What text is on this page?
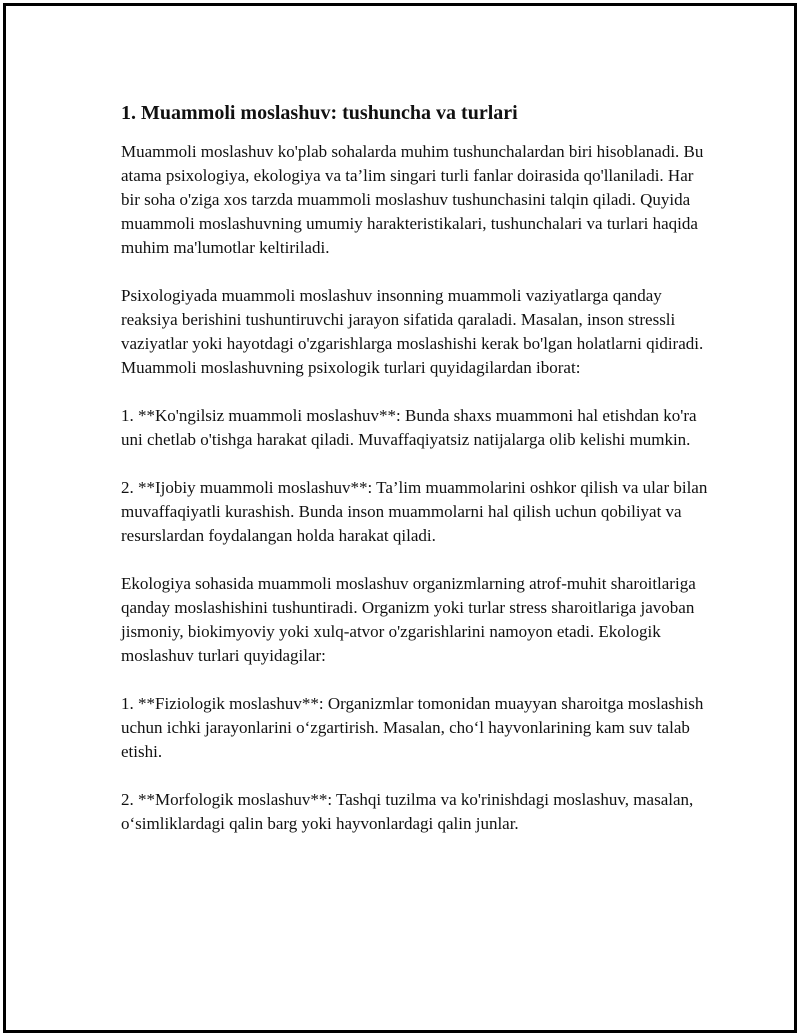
1. Muammoli moslashuv: tushuncha va turlari

Muammoli moslashuv ko'plab sohalarda muhim tushunchalardan biri hisoblanadi. Bu atama psixologiya, ekologiya va ta’lim singari turli fanlar doirasida qo'llaniladi. Har bir soha o'ziga xos tarzda muammoli moslashuv tushunchasini talqin qiladi. Quyida muammoli moslashuvning umumiy harakteristikalari, tushunchalari va turlari haqida muhim ma'lumotlar keltiriladi.

Psixologiyada muammoli moslashuv insonning muammoli vaziyatlarga qanday reaksiya berishini tushuntiruvchi jarayon sifatida qaraladi. Masalan, inson stressli vaziyatlar yoki hayotdagi o'zgarishlarga moslashishi kerak bo'lgan holatlarni qidiradi. Muammoli moslashuvning psixologik turlari quyidagilardan iborat:

1. **Ko'ngilsiz muammoli moslashuv**: Bunda shaxs muammoni hal etishdan ko'ra uni chetlab o'tishga harakat qiladi. Muvaffaqiyatsiz natijalarga olib kelishi mumkin.

2. **Ijobiy muammoli moslashuv**: Ta’lim muammolarini oshkor qilish va ular bilan muvaffaqiyatli kurashish. Bunda inson muammolarni hal qilish uchun qobiliyat va resurslardan foydalangan holda harakat qiladi.

Ekologiya sohasida muammoli moslashuv organizmlarning atrof-muhit sharoitlariga qanday moslashishini tushuntiradi. Organizm yoki turlar stress sharoitlariga javoban jismoniy, biokimyoviy yoki xulq-atvor o'zgarishlarini namoyon etadi. Ekologik moslashuv turlari quyidagilar:

1. **Fiziologik moslashuv**: Organizmlar tomonidan muayyan sharoitga moslashish uchun ichki jarayonlarini o‘zgartirish. Masalan, cho‘l hayvonlarining kam suv talab etishi.

2. **Morfologik moslashuv**: Tashqi tuzilma va ko'rinishdagi moslashuv, masalan, o‘simliklardagi qalin barg yoki hayvonlardagi qalin junlar.
